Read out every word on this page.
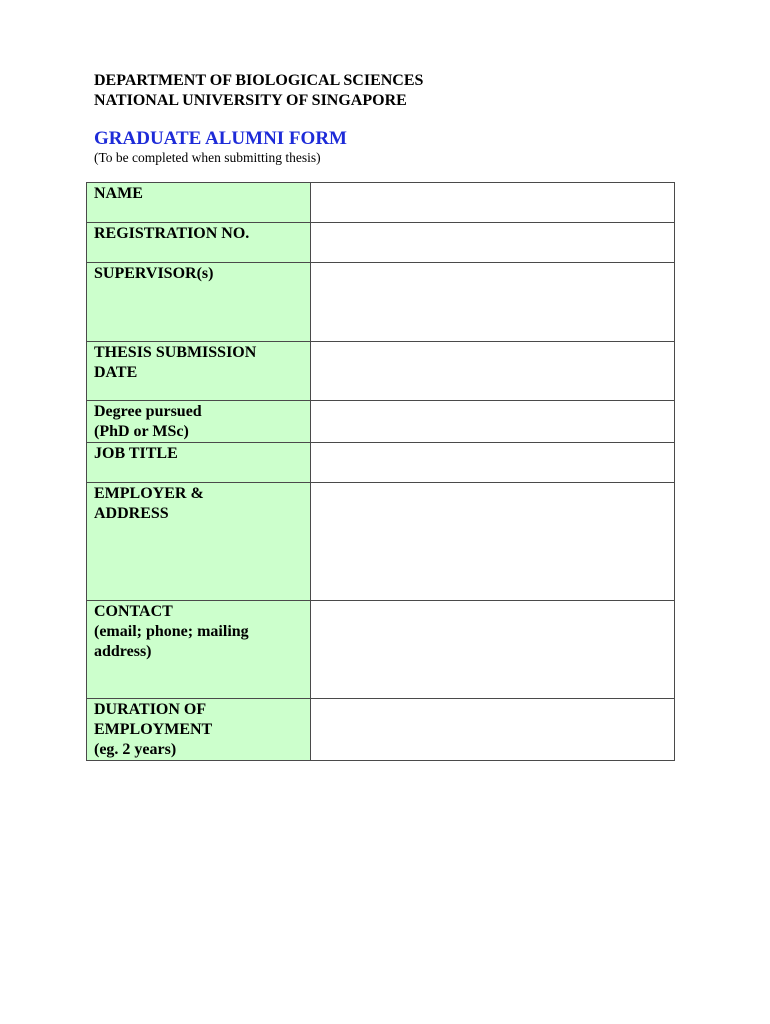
DEPARTMENT OF BIOLOGICAL SCIENCES
NATIONAL UNIVERSITY OF SINGAPORE
GRADUATE ALUMNI FORM
(To be completed when submitting thesis)
NAME	

REGISTRATION NO.	

SUPERVISOR(s)	

THESIS SUBMISSION
DATE	

Degree pursued
(PhD or MSc)	

JOB TITLE	

EMPLOYER &
ADDRESS	

CONTACT
(email; phone; mailing
address)	

DURATION OF
EMPLOYMENT
(eg. 2 years)	
